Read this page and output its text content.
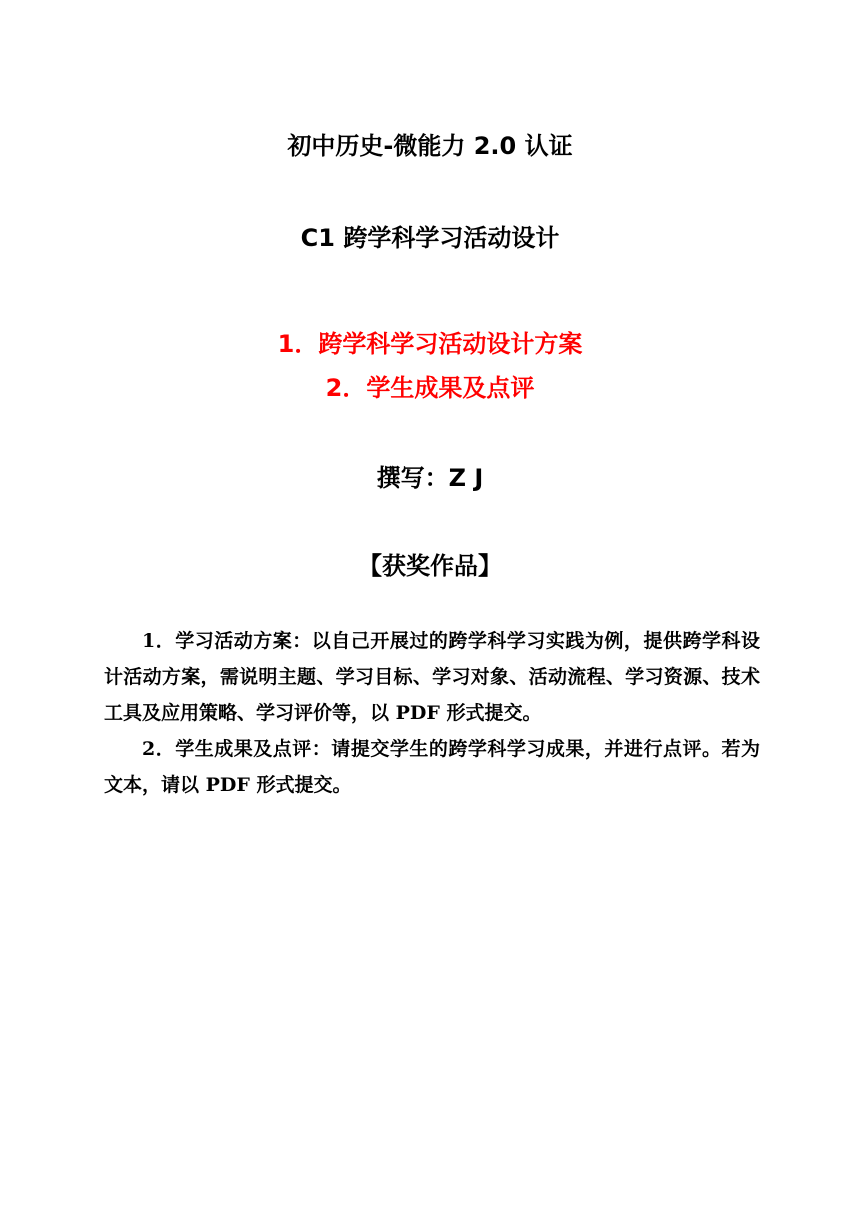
初中历史-微能力 2.0 认证
C1 跨学科学习活动设计
1．跨学科学习活动设计方案
2．学生成果及点评
撰写：Z J
【获奖作品】

1．学习活动方案：以自己开展过的跨学科学习实践为例，提供跨学科设计活动方案，需说明主题、学习目标、学习对象、活动流程、学习资源、技术工具及应用策略、学习评价等，以 PDF 形式提交。

2．学生成果及点评：请提交学生的跨学科学习成果，并进行点评。若为文本，请以 PDF 形式提交。
